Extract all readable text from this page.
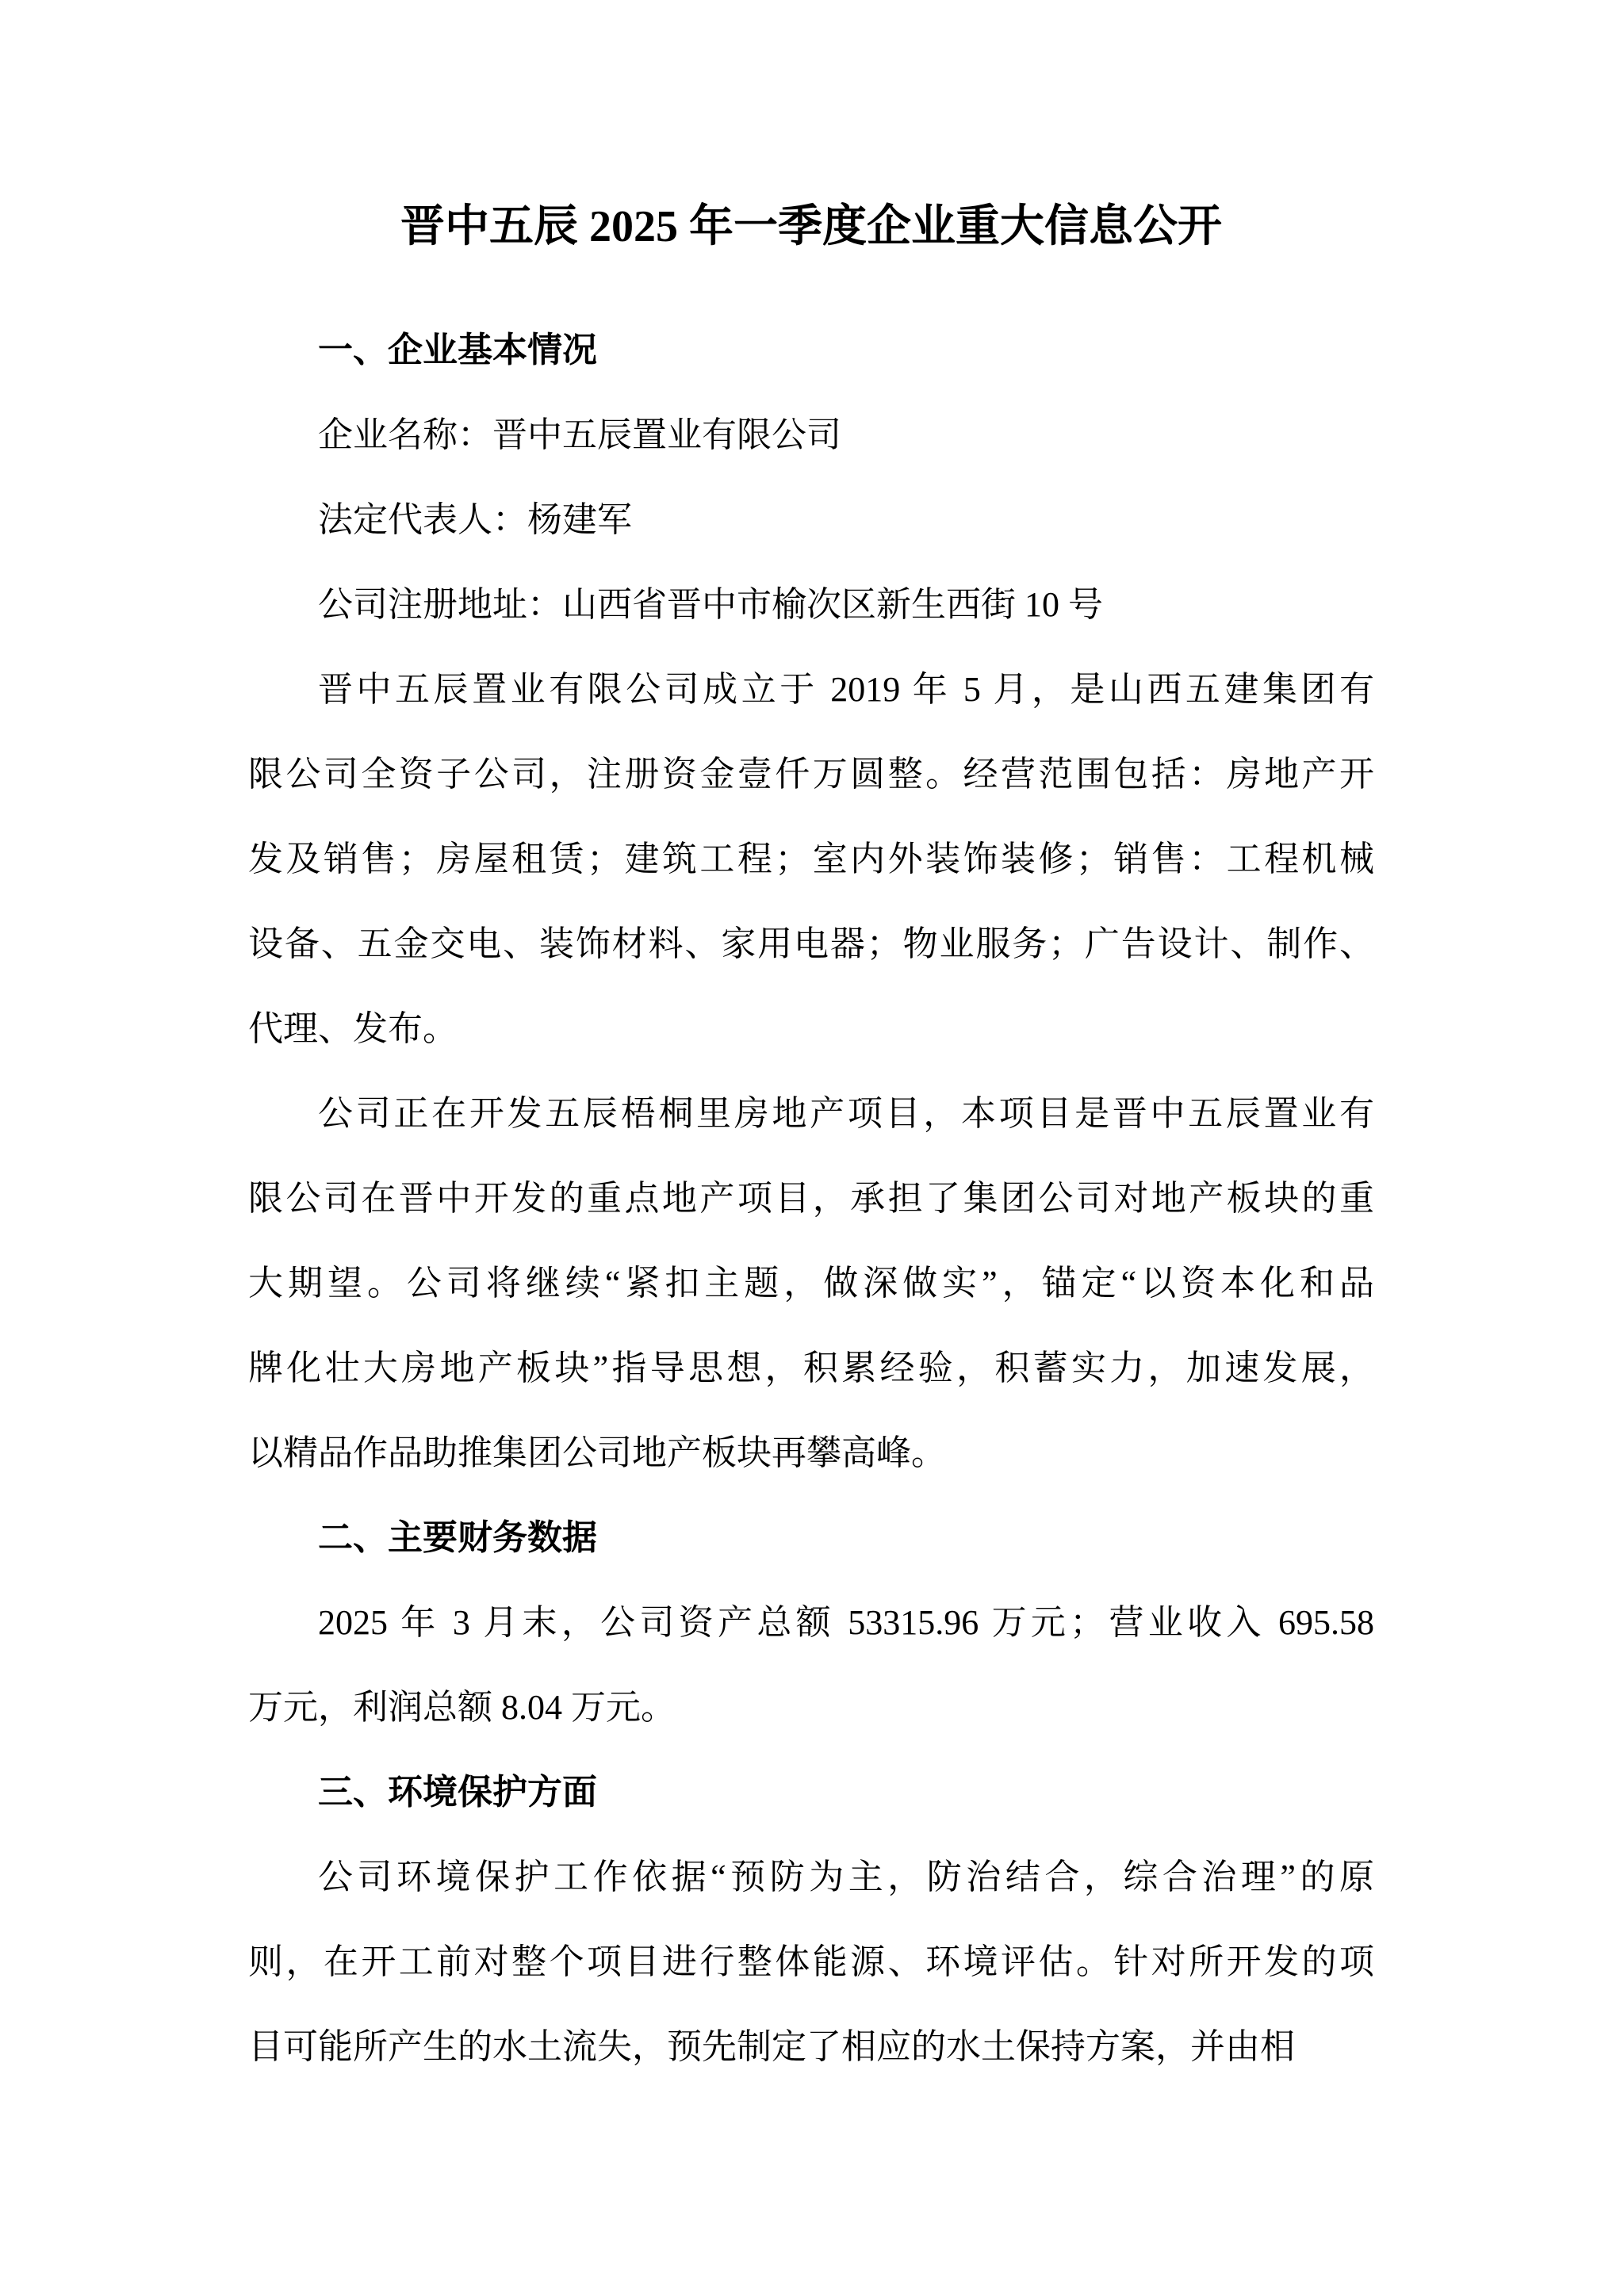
晋中五辰 2025 年一季度企业重大信息公开
一、企业基本情况
企业名称：晋中五辰置业有限公司
法定代表人：杨建军
公司注册地址：山西省晋中市榆次区新生西街 10 号
晋中五辰置业有限公司成立于 2019 年 5 月，是山西五建集团有
限公司全资子公司，注册资金壹仟万圆整。经营范围包括：房地产开
发及销售；房屋租赁；建筑工程；室内外装饰装修；销售：工程机械
设备、五金交电、装饰材料、家用电器；物业服务；广告设计、制作、
代理、发布。
公司正在开发五辰梧桐里房地产项目，本项目是晋中五辰置业有
限公司在晋中开发的重点地产项目，承担了集团公司对地产板块的重
大期望。公司将继续“紧扣主题，做深做实”，锚定“以资本化和品
牌化壮大房地产板块”指导思想，积累经验，积蓄实力，加速发展，
以精品作品助推集团公司地产板块再攀高峰。
二、主要财务数据
2025 年 3 月末，公司资产总额 53315.96 万元；营业收入 695.58
万元，利润总额 8.04 万元。
三、环境保护方面
公司环境保护工作依据“预防为主，防治结合，综合治理”的原
则，在开工前对整个项目进行整体能源、环境评估。针对所开发的项
目可能所产生的水土流失，预先制定了相应的水土保持方案，并由相
